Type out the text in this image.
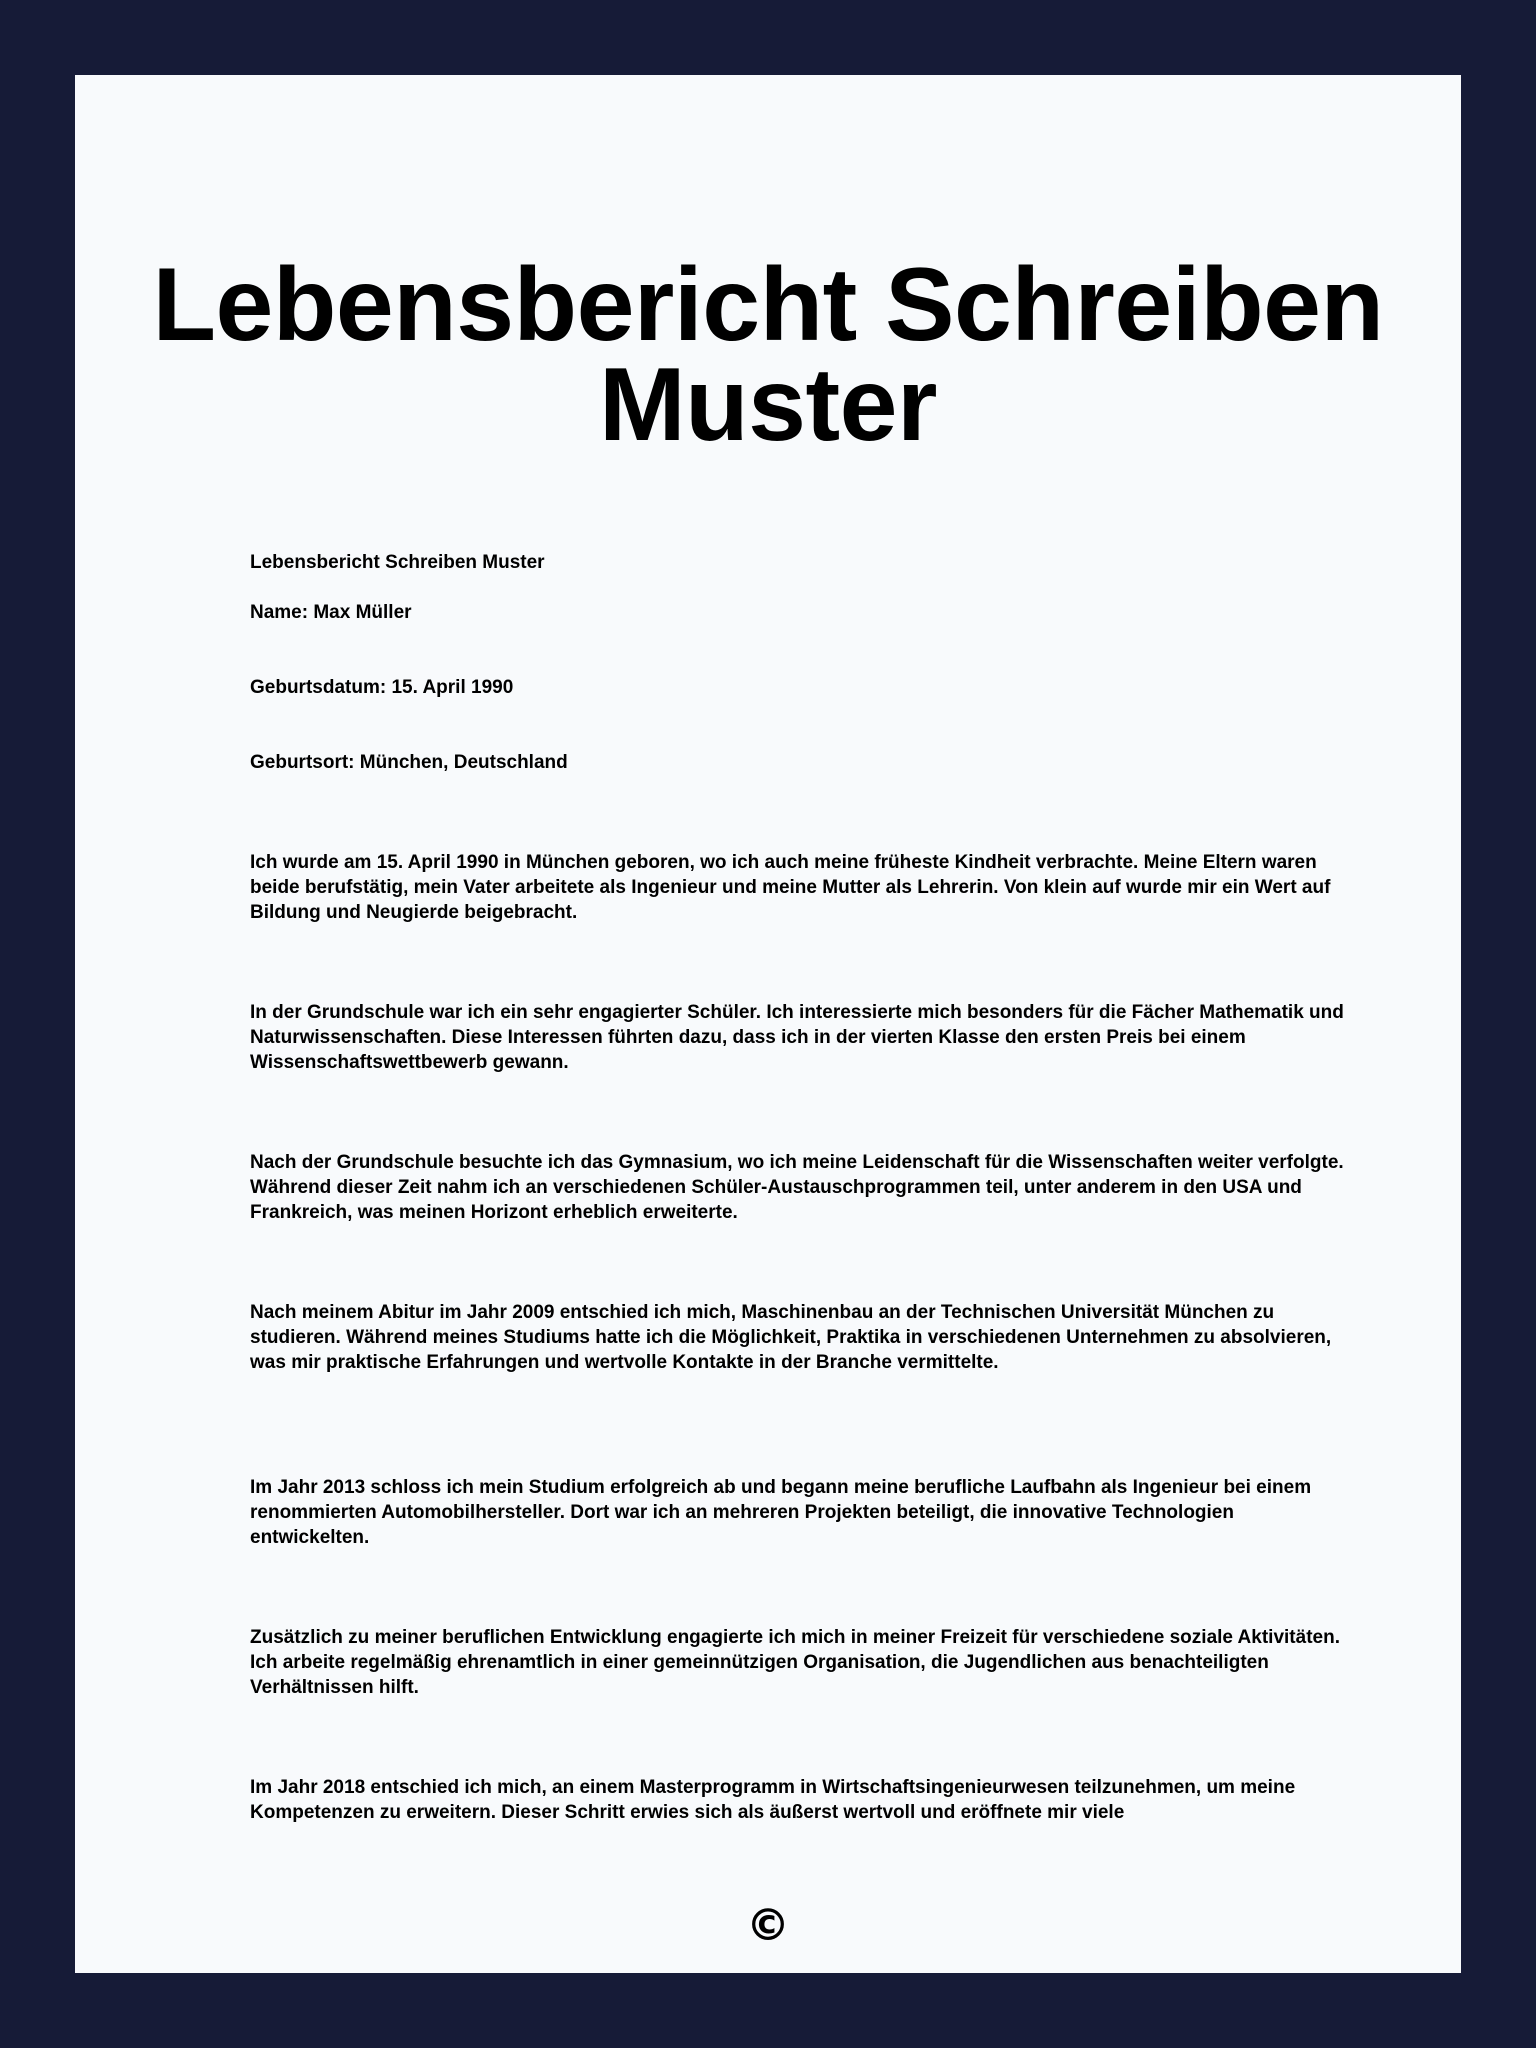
Lebensbericht Schreiben Muster

Lebensbericht Schreiben Muster

Name: Max Müller

Geburtsdatum: 15. April 1990

Geburtsort: München, Deutschland

Ich wurde am 15. April 1990 in München geboren, wo ich auch meine früheste Kindheit verbrachte. Meine Eltern waren beide berufstätig, mein Vater arbeitete als Ingenieur und meine Mutter als Lehrerin. Von klein auf wurde mir ein Wert auf Bildung und Neugierde beigebracht.

In der Grundschule war ich ein sehr engagierter Schüler. Ich interessierte mich besonders für die Fächer Mathematik und Naturwissenschaften. Diese Interessen führten dazu, dass ich in der vierten Klasse den ersten Preis bei einem Wissenschaftswettbewerb gewann.

Nach der Grundschule besuchte ich das Gymnasium, wo ich meine Leidenschaft für die Wissenschaften weiter verfolgte. Während dieser Zeit nahm ich an verschiedenen Schüler-Austauschprogrammen teil, unter anderem in den USA und Frankreich, was meinen Horizont erheblich erweiterte.

Nach meinem Abitur im Jahr 2009 entschied ich mich, Maschinenbau an der Technischen Universität München zu studieren. Während meines Studiums hatte ich die Möglichkeit, Praktika in verschiedenen Unternehmen zu absolvieren, was mir praktische Erfahrungen und wertvolle Kontakte in der Branche vermittelte.

Im Jahr 2013 schloss ich mein Studium erfolgreich ab und begann meine berufliche Laufbahn als Ingenieur bei einem renommierten Automobilhersteller. Dort war ich an mehreren Projekten beteiligt, die innovative Technologien entwickelten.

Zusätzlich zu meiner beruflichen Entwicklung engagierte ich mich in meiner Freizeit für verschiedene soziale Aktivitäten. Ich arbeite regelmäßig ehrenamtlich in einer gemeinnützigen Organisation, die Jugendlichen aus benachteiligten Verhältnissen hilft.

Im Jahr 2018 entschied ich mich, an einem Masterprogramm in Wirtschaftsingenieurwesen teilzunehmen, um meine Kompetenzen zu erweitern. Dieser Schritt erwies sich als äußerst wertvoll und eröffnete mir viele

©
